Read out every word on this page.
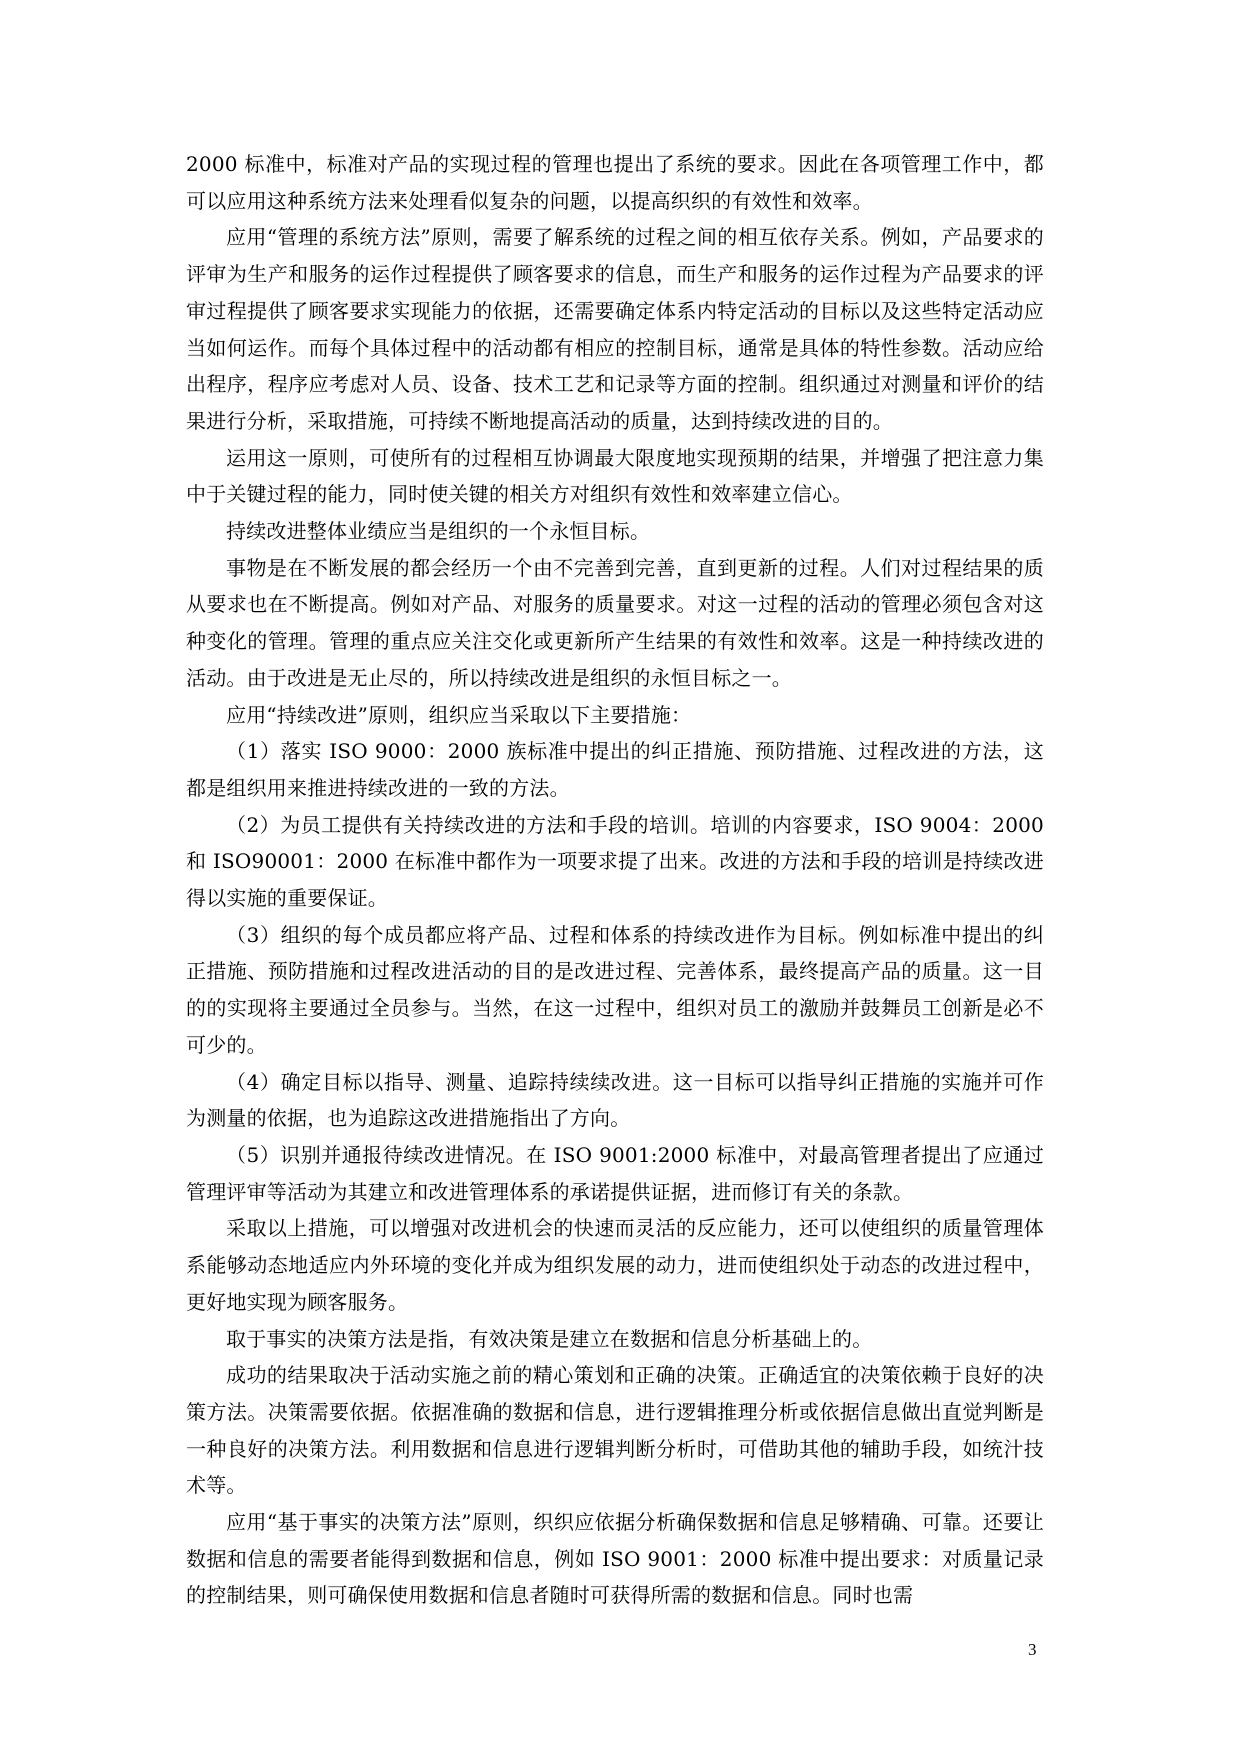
2000 标准中，标准对产品的实现过程的管理也提出了系统的要求。因此在各项管理工作中，都可以应用这种系统方法来处理看似复杂的问题，以提高织织的有效性和效率。

应用“管理的系统方法”原则，需要了解系统的过程之间的相互依存关系。例如，产品要求的评审为生产和服务的运作过程提供了顾客要求的信息，而生产和服务的运作过程为产品要求的评审过程提供了顾客要求实现能力的依据，还需要确定体系内特定活动的目标以及这些特定活动应当如何运作。而每个具体过程中的活动都有相应的控制目标，通常是具体的特性参数。活动应给出程序，程序应考虑对人员、设备、技术工艺和记录等方面的控制。组织通过对测量和评价的结果进行分析，采取措施，可持续不断地提高活动的质量，达到持续改进的目的。

运用这一原则，可使所有的过程相互协调最大限度地实现预期的结果，并增强了把注意力集中于关键过程的能力，同时使关键的相关方对组织有效性和效率建立信心。

持续改进整体业绩应当是组织的一个永恒目标。

事物是在不断发展的都会经历一个由不完善到完善，直到更新的过程。人们对过程结果的质从要求也在不断提高。例如对产品、对服务的质量要求。对这一过程的活动的管理必须包含对这种变化的管理。管理的重点应关注交化或更新所产生结果的有效性和效率。这是一种持续改进的活动。由于改进是无止尽的，所以持续改进是组织的永恒目标之一。

应用“持续改进”原则，组织应当采取以下主要措施：

（1）落实 ISO 9000：2000 族标准中提出的纠正措施、预防措施、过程改进的方法，这都是组织用来推进持续改进的一致的方法。

（2）为员工提供有关持续改进的方法和手段的培训。培训的内容要求，ISO 9004：2000 和 ISO90001：2000 在标准中都作为一项要求提了出来。改进的方法和手段的培训是持续改进得以实施的重要保证。

（3）组织的每个成员都应将产品、过程和体系的持续改进作为目标。例如标准中提出的纠正措施、预防措施和过程改进活动的目的是改进过程、完善体系，最终提高产品的质量。这一目的的实现将主要通过全员参与。当然，在这一过程中，组织对员工的激励并鼓舞员工创新是必不可少的。

（4）确定目标以指导、测量、追踪持续续改进。这一目标可以指导纠正措施的实施并可作为测量的依据，也为追踪这改进措施指出了方向。

（5）识别并通报待续改进情况。在 ISO 9001:2000 标准中，对最高管理者提出了应通过管理评审等活动为其建立和改进管理体系的承诺提供证据，进而修订有关的条款。

采取以上措施，可以增强对改进机会的快速而灵活的反应能力，还可以使组织的质量管理体系能够动态地适应内外环境的变化并成为组织发展的动力，进而使组织处于动态的改进过程中，更好地实现为顾客服务。

取于事实的决策方法是指，有效决策是建立在数据和信息分析基础上的。

成功的结果取决于活动实施之前的精心策划和正确的决策。正确适宜的决策依赖于良好的决策方法。决策需要依据。依据准确的数据和信息，进行逻辑推理分析或依据信息做出直觉判断是一种良好的决策方法。利用数据和信息进行逻辑判断分析时，可借助其他的辅助手段，如统汁技术等。

应用“基于事实的决策方法”原则，织织应依据分析确保数据和信息足够精确、可靠。还要让数据和信息的需要者能得到数据和信息，例如 ISO 9001：2000 标准中提出要求：对质量记录的控制结果，则可确保使用数据和信息者随时可获得所需的数据和信息。同时也需

3
